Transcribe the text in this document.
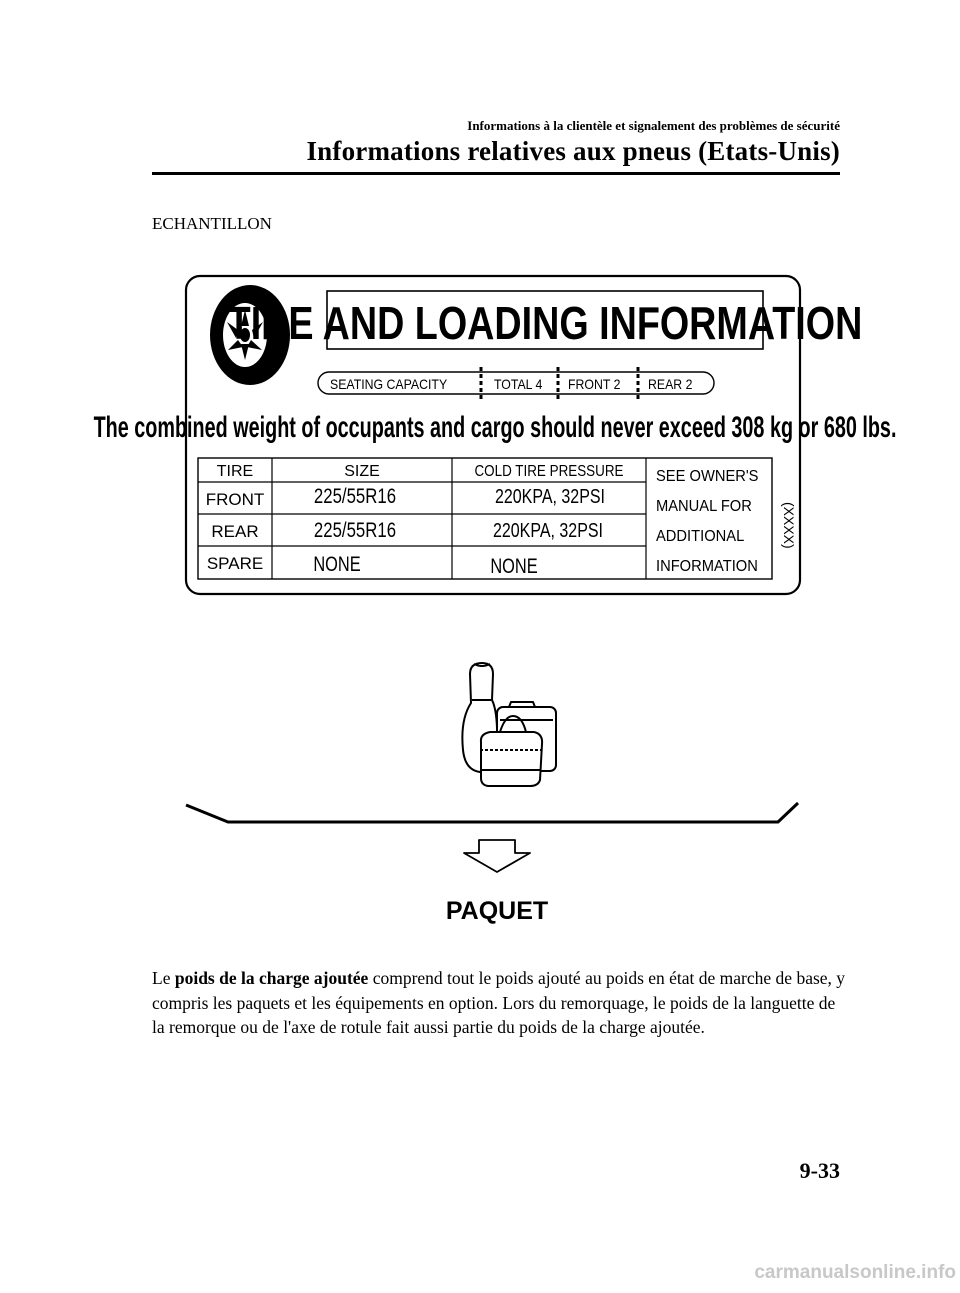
Informations à la clientèle et signalement des problèmes de sécurité
Informations relatives aux pneus (Etats-Unis)
ECHANTILLON
TIRE AND LOADING INFORMATION
SEATING CAPACITY	TOTAL 4 FRONT 2 REAR 2
The combined weight of occupants and cargo should never exceed 308 kg or 680 lbs.
TIRE	SIZE	COLD TIRE PRESSURE
FRONT 225/55R16	220KPA, 32PSI
REAR	225/55R16	220KPA, 32PSI
SPARE NONE	NONE
SEE OWNER'S
MANUAL FOR
ADDITIONAL
INFORMATION
(XXXX)
PAQUET
Le poids de la charge ajoutée comprend tout le poids ajouté au poids en état de marche de base, y compris les paquets et les équipements en option. Lors du remorquage, le poids de la languette de la remorque ou de l'axe de rotule fait aussi partie du poids de la charge ajoutée.
9-33
carmanualsonline.info
